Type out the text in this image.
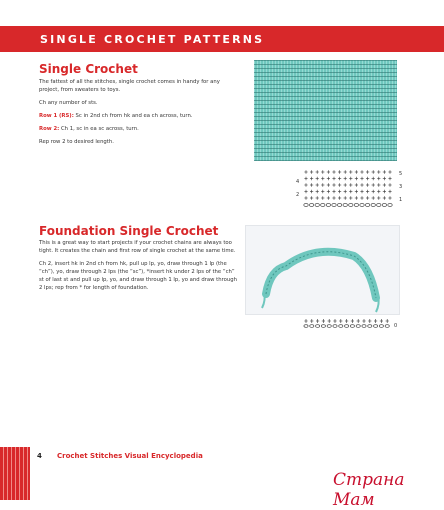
SINGLE CROCHET PATTERNS
Single Crochet

The fattest of all the stitches, single crochet comes in handy for any project, from sweaters to toys.

Ch any number of sts.

Row 1 (RS): Sc in 2nd ch from hk and ea ch across, turn.

Row 2: Ch 1, sc in ea sc across, turn.

Rep row 2 to desired length.

5
3
1
4
2
Foundation Single Crochet

This is a great way to start projects if your crochet chains are always too tight. It creates the chain and first row of single crochet at the same time.

Ch 2, insert hk in 2nd ch from hk, pull up lp, yo, draw through 1 lp (the “ch”), yo, draw through 2 lps (the “sc”), *insert hk under 2 lps of the “ch” st of last st and pull up lp, yo, and draw through 1 lp, yo and draw through 2 lps; rep from * for length of foundation.

0
4 Crochet Stitches Visual Encyclopedia
Страна Мам
